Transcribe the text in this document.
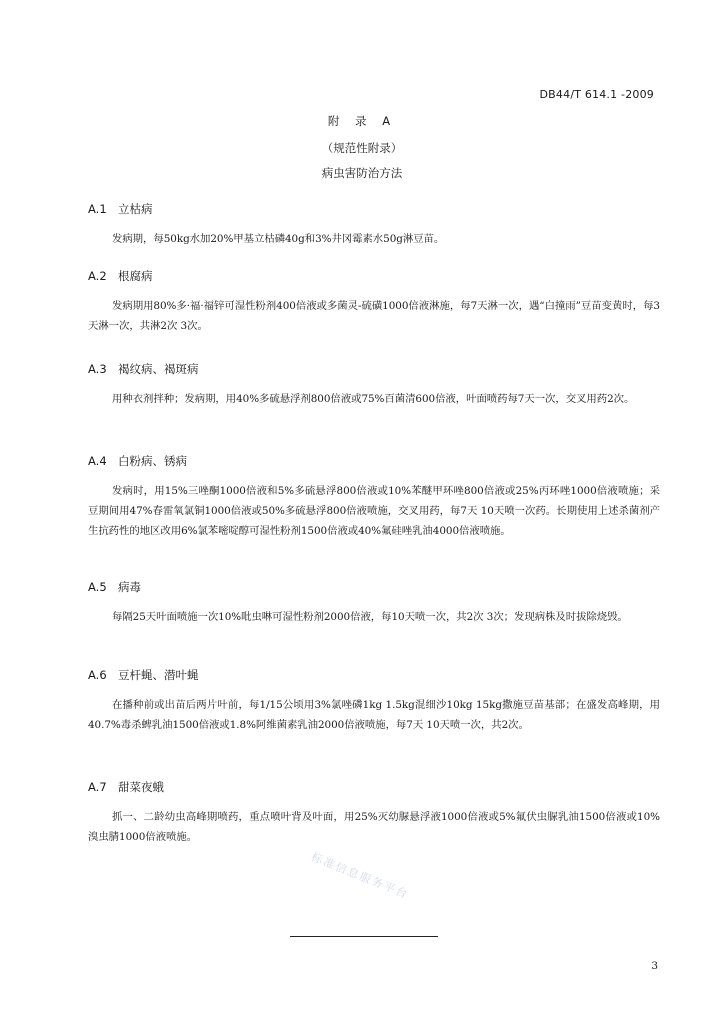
DB44/T 614.1 -2009
附 录 A
（规范性附录）
病虫害防治方法
A.1 立枯病
发病期，每50kg水加20%甲基立枯磷40g和3%井冈霉素水50g淋豆苗。
A.2 根腐病
发病期用80%多·福·福锌可湿性粉剂400倍液或多菌灵-硫磺1000倍液淋施，每7天淋一次，遇“白撞雨”豆苗变黄时，每3天淋一次，共淋2次 3次。
A.3 褐纹病、褐斑病
用种衣剂拌种；发病期，用40%多硫悬浮剂800倍液或75%百菌清600倍液，叶面喷药每7天一次，交叉用药2次。
A.4 白粉病、锈病
发病时，用15%三唑酮1000倍液和5%多硫悬浮800倍液或10%苯醚甲环唑800倍液或25%丙环唑1000倍液喷施；采豆期间用47%春雷氧氯铜1000倍液或50%多硫悬浮800倍液喷施，交叉用药，每7天 10天喷一次药。长期使用上述杀菌剂产生抗药性的地区改用6%氯苯嘧啶醇可湿性粉剂1500倍液或40%氟硅唑乳油4000倍液喷施。
A.5 病毒
每隔25天叶面喷施一次10%吡虫啉可湿性粉剂2000倍液，每10天喷一次，共2次 3次；发现病株及时拔除烧毁。
A.6 豆杆蝇、潜叶蝇
在播种前或出苗后两片叶前，每1/15公顷用3%氯唑磷1kg 1.5kg混细沙10kg 15kg撒施豆苗基部；在盛发高峰期，用40.7%毒杀蜱乳油1500倍液或1.8%阿维菌素乳油2000倍液喷施，每7天 10天喷一次，共2次。
A.7 甜菜夜蛾
抓一、二龄幼虫高峰期喷药，重点喷叶背及叶面，用25%灭幼脲悬浮液1000倍液或5%氟伏虫脲乳油1500倍液或10%溴虫腈1000倍液喷施。
标准信息服务平台
3
